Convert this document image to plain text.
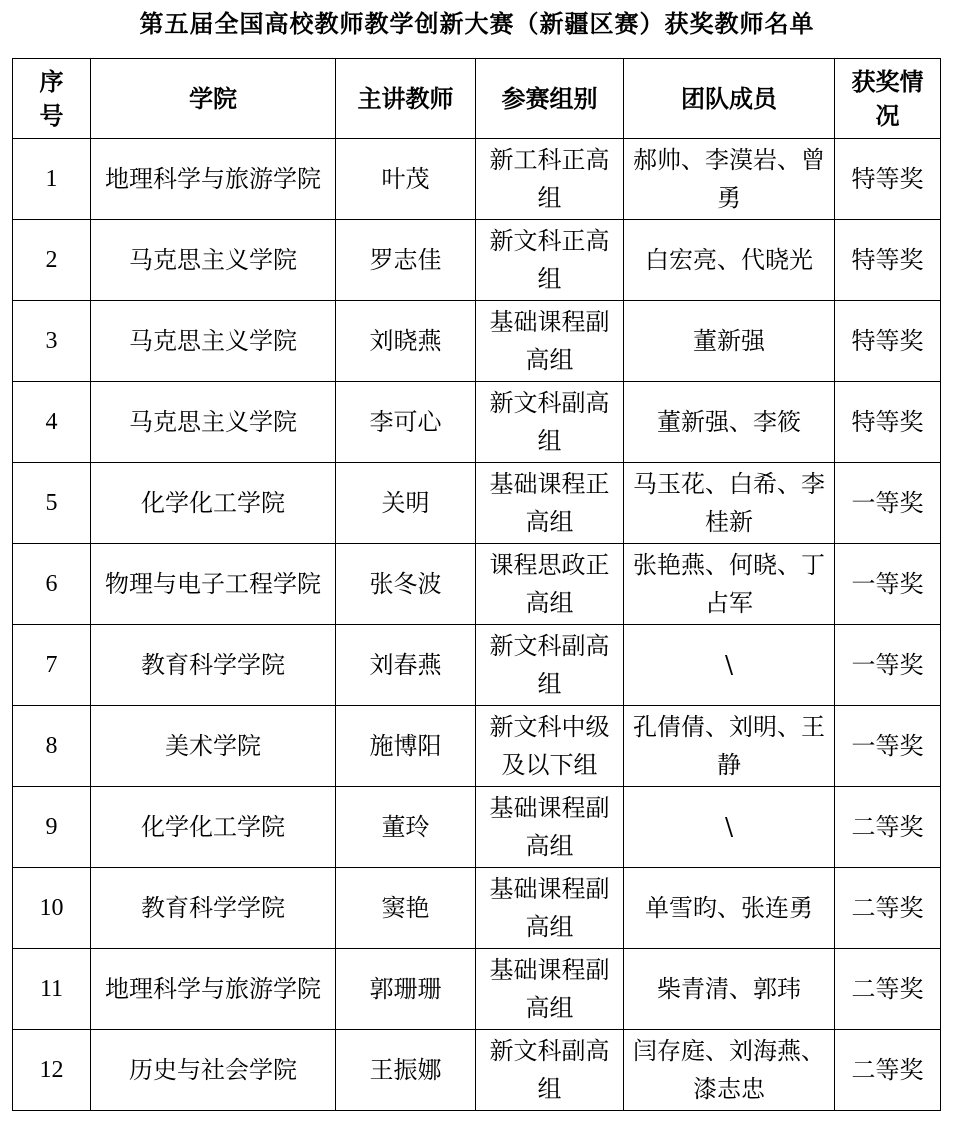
第五届全国高校教师教学创新大赛（新疆区赛）获奖教师名单
序号	学院	主讲教师	参赛组别	团队成员	获奖情况

1	地理科学与旅游学院	叶茂	新工科正高组	郝帅、李漠岩、曾勇	特等奖
2	马克思主义学院	罗志佳	新文科正高组	白宏亮、代晓光	特等奖
3	马克思主义学院	刘晓燕	基础课程副高组	董新强	特等奖
4	马克思主义学院	李可心	新文科副高组	董新强、李筱	特等奖
5	化学化工学院	关明	基础课程正高组	马玉花、白希、李桂新	一等奖
6	物理与电子工程学院	张冬波	课程思政正高组	张艳燕、何晓、丁占军	一等奖
7	教育科学学院	刘春燕	新文科副高组	\	一等奖
8	美术学院	施博阳	新文科中级及以下组	孔倩倩、刘明、王静	一等奖
9	化学化工学院	董玲	基础课程副高组	\	二等奖
10	教育科学学院	窦艳	基础课程副高组	单雪昀、张连勇	二等奖
11	地理科学与旅游学院	郭珊珊	基础课程副高组	柴青清、郭玮	二等奖
12	历史与社会学院	王振娜	新文科副高组	闫存庭、刘海燕、漆志忠	二等奖
